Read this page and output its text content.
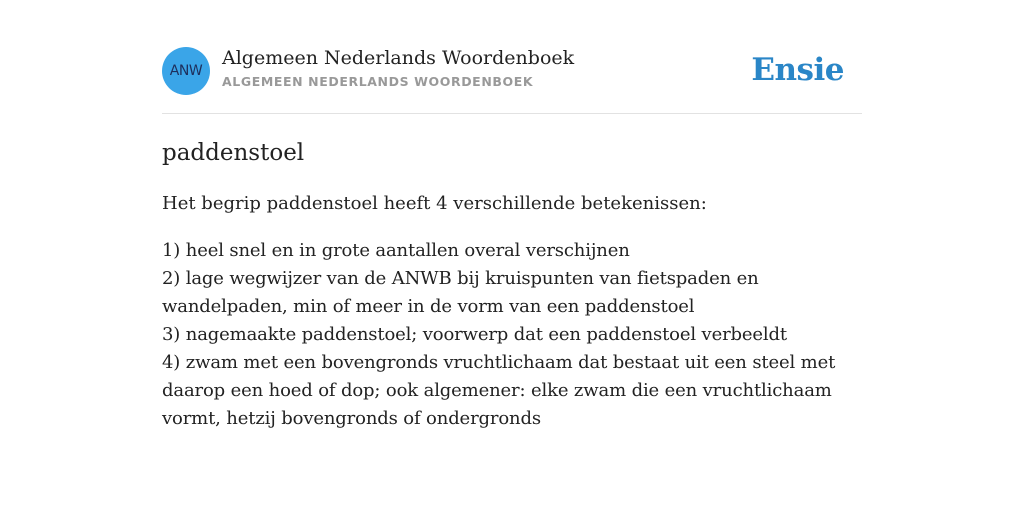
ANW
Algemeen Nederlands Woordenboek
ALGEMEEN NEDERLANDS WOORDENBOEK	Ensie
paddenstoel
Het begrip paddenstoel heeft 4 verschillende betekenissen:
1) heel snel en in grote aantallen overal verschijnen
2) lage wegwijzer van de ANWB bij kruispunten van fietspaden en wandelpaden, min of meer in de vorm van een paddenstoel
3) nagemaakte paddenstoel; voorwerp dat een paddenstoel verbeeldt
4) zwam met een bovengronds vruchtlichaam dat bestaat uit een steel met daarop een hoed of dop; ook algemener: elke zwam die een vruchtlichaam vormt, hetzij bovengronds of ondergronds
